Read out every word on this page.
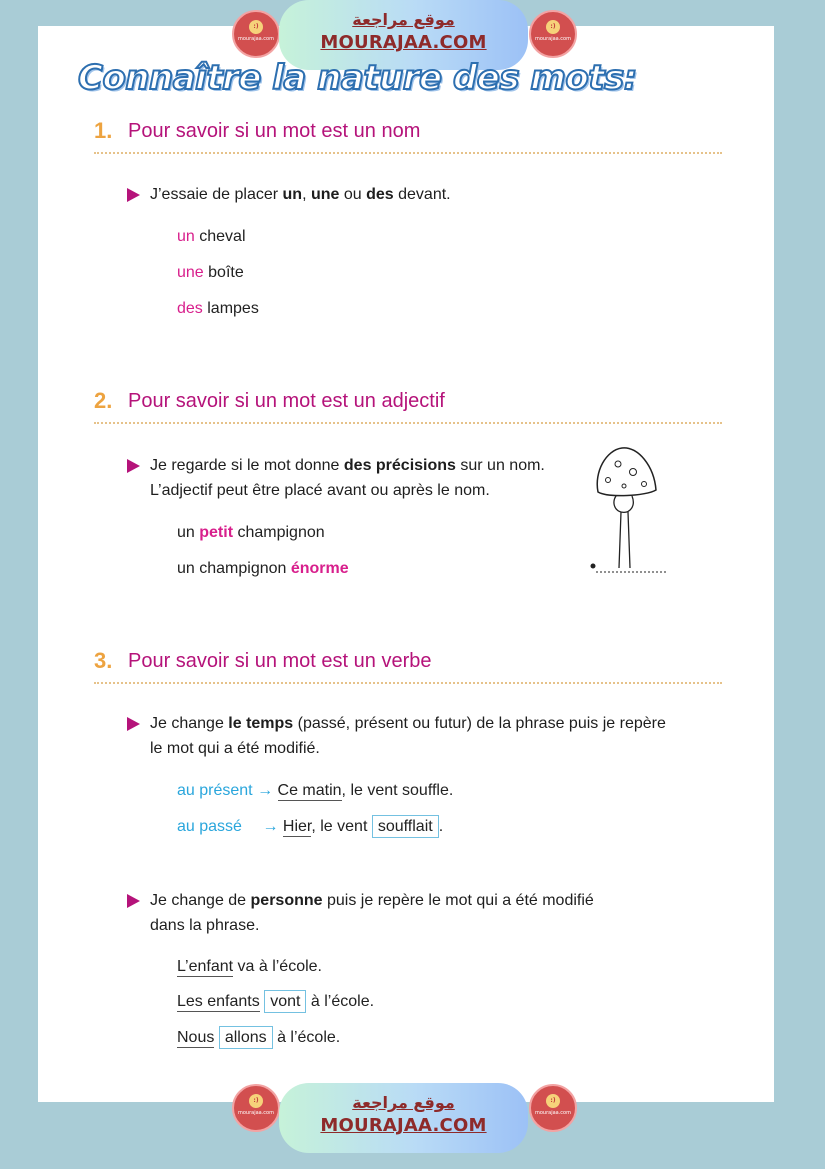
:)
mourajaa.com
موقع مراجعة
MOURAJAA.COM
:)
mourajaa.com
Connaître la nature des mots:
1. Pour savoir si un mot est un nom
J’essaie de placer un, une ou des devant.
un cheval
une boîte
des lampes
2. Pour savoir si un mot est un adjectif
Je regarde si le mot donne des précisions sur un nom.
L’adjectif peut être placé avant ou après le nom.
un petit champignon
un champignon énorme
3. Pour savoir si un mot est un verbe
Je change le temps (passé, présent ou futur) de la phrase puis je repère
le mot qui a été modifié.
au présent → Ce matin, le vent souffle.
au passé → Hier, le vent soufflait .
Je change de personne puis je repère le mot qui a été modifié
dans la phrase.
L’enfant va à l’école.
Les enfants vont à l’école.
Nous allons à l’école.
:)
mourajaa.com
موقع مراجعة
MOURAJAA.COM
:)
mourajaa.com
